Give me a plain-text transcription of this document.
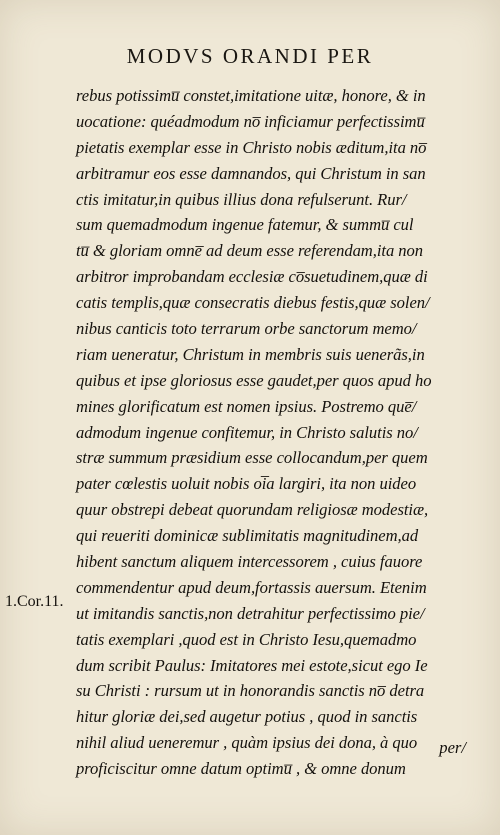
MODVS ORANDI PER
rebus potissimu̅ constet,imitatione uitæ, honore, & in
uocatione: quéadmodum no̅ inficiamur perfectissimu̅
pietatis exemplar esse in Christo nobis æditum,ita no̅
arbitramur eos esse damnandos, qui Christum in san
ctis imitatur,in quibus illius dona refulserunt. Rur/
sum quemadmodum ingenue fatemur, & summu̅ cul
tu̅ & gloriam omne̅ ad deum esse referendam,ita non
arbitror improbandam ecclesiæ co̅suetudinem,quæ di
catis templis,quæ consecratis diebus festis,quæ solen/
nibus canticis toto terrarum orbe sanctorum memo/
riam ueneratur, Christum in membris suis uenerãs,in
quibus et ipse gloriosus esse gaudet,per quos apud ho
mines glorificatum est nomen ipsius. Postremo que̅/
admodum ingenue confitemur, in Christo salutis no/
stræ summum præsidium esse collocandum,per quem
pater cœlestis uoluit nobis oi̅a largiri, ita non uideo
quur obstrepi debeat quorundam religiosæ modestiæ,
qui reueriti dominicæ sublimitatis magnitudinem,ad
hibent sanctum aliquem intercessorem , cuius fauore
commendentur apud deum,fortassis auersum. Etenim
ut imitandis sanctis,non detrahitur perfectissimo pie/
tatis exemplari ,quod est in Christo Iesu,quemadmo
dum scribit Paulus: Imitatores mei estote,sicut ego Ie
su Christi : rursum ut in honorandis sanctis no̅ detra
hitur gloriæ dei,sed augetur potius , quod in sanctis
nihil aliud ueneremur , quàm ipsius dei dona, à quo
proficiscitur omne datum optimu̅ , & omne donum
1.Cor.11.
per/
